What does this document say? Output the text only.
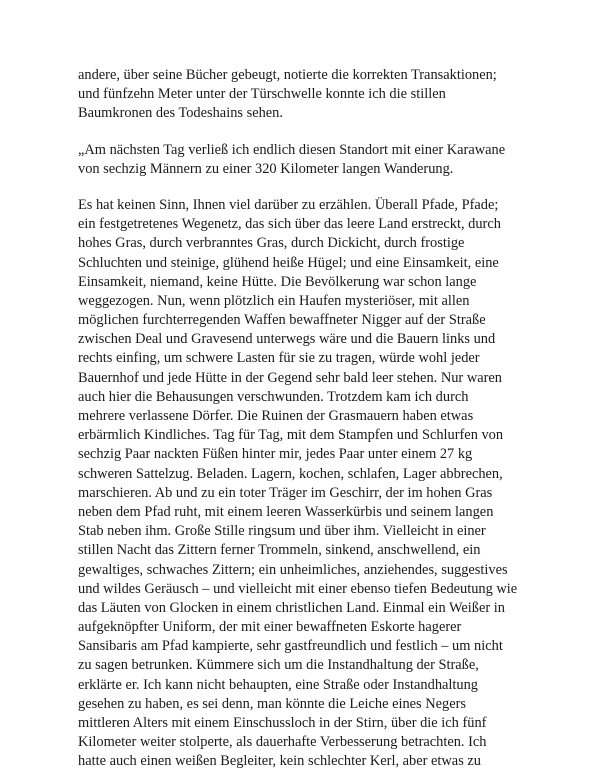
andere, über seine Bücher gebeugt, notierte die korrekten Transaktionen;
und fünfzehn Meter unter der Türschwelle konnte ich die stillen
Baumkronen des Todeshains sehen.
„Am nächsten Tag verließ ich endlich diesen Standort mit einer Karawane
von sechzig Männern zu einer 320 Kilometer langen Wanderung.
Es hat keinen Sinn, Ihnen viel darüber zu erzählen. Überall Pfade, Pfade;
ein festgetretenes Wegenetz, das sich über das leere Land erstreckt, durch
hohes Gras, durch verbranntes Gras, durch Dickicht, durch frostige
Schluchten und steinige, glühend heiße Hügel; und eine Einsamkeit, eine
Einsamkeit, niemand, keine Hütte. Die Bevölkerung war schon lange
weggezogen. Nun, wenn plötzlich ein Haufen mysteriöser, mit allen
möglichen furchterregenden Waffen bewaffneter Nigger auf der Straße
zwischen Deal und Gravesend unterwegs wäre und die Bauern links und
rechts einfing, um schwere Lasten für sie zu tragen, würde wohl jeder
Bauernhof und jede Hütte in der Gegend sehr bald leer stehen. Nur waren
auch hier die Behausungen verschwunden. Trotzdem kam ich durch
mehrere verlassene Dörfer. Die Ruinen der Grasmauern haben etwas
erbärmlich Kindliches. Tag für Tag, mit dem Stampfen und Schlurfen von
sechzig Paar nackten Füßen hinter mir, jedes Paar unter einem 27 kg
schweren Sattelzug. Beladen. Lagern, kochen, schlafen, Lager abbrechen,
marschieren. Ab und zu ein toter Träger im Geschirr, der im hohen Gras
neben dem Pfad ruht, mit einem leeren Wasserkürbis und seinem langen
Stab neben ihm. Große Stille ringsum und über ihm. Vielleicht in einer
stillen Nacht das Zittern ferner Trommeln, sinkend, anschwellend, ein
gewaltiges, schwaches Zittern; ein unheimliches, anziehendes, suggestives
und wildes Geräusch – und vielleicht mit einer ebenso tiefen Bedeutung wie
das Läuten von Glocken in einem christlichen Land. Einmal ein Weißer in
aufgeknöpfter Uniform, der mit einer bewaffneten Eskorte hagerer
Sansibaris am Pfad kampierte, sehr gastfreundlich und festlich – um nicht
zu sagen betrunken. Kümmere sich um die Instandhaltung der Straße,
erklärte er. Ich kann nicht behaupten, eine Straße oder Instandhaltung
gesehen zu haben, es sei denn, man könnte die Leiche eines Negers
mittleren Alters mit einem Einschussloch in der Stirn, über die ich fünf
Kilometer weiter stolperte, als dauerhafte Verbesserung betrachten. Ich
hatte auch einen weißen Begleiter, kein schlechter Kerl, aber etwas zu
